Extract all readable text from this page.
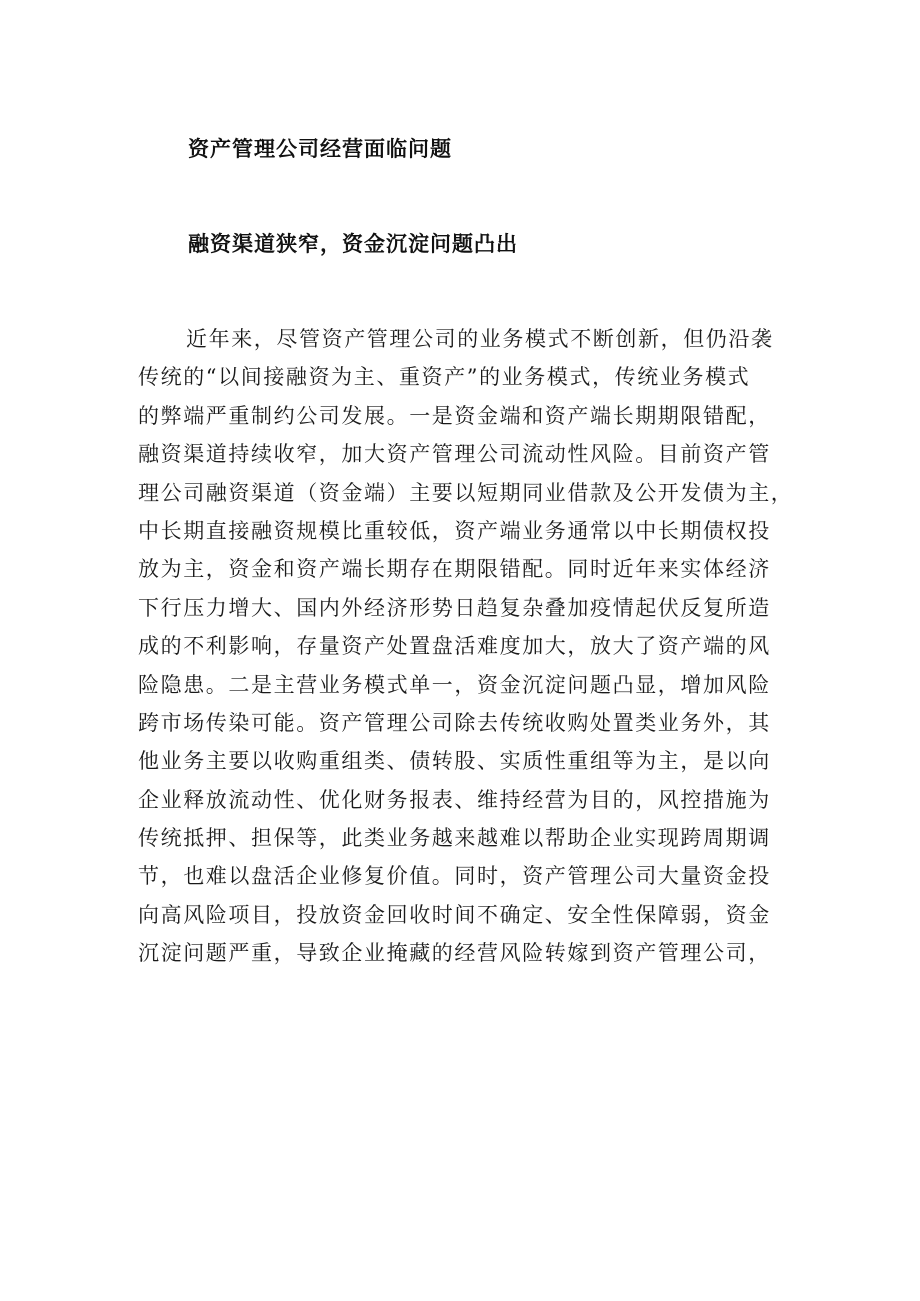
资产管理公司经营面临问题
融资渠道狭窄，资金沉淀问题凸出
近年来，尽管资产管理公司的业务模式不断创新，但仍沿袭
传统的“以间接融资为主、重资产”的业务模式，传统业务模式
的弊端严重制约公司发展。一是资金端和资产端长期期限错配，
融资渠道持续收窄，加大资产管理公司流动性风险。目前资产管
理公司融资渠道（资金端）主要以短期同业借款及公开发债为主，
中长期直接融资规模比重较低，资产端业务通常以中长期债权投
放为主，资金和资产端长期存在期限错配。同时近年来实体经济
下行压力增大、国内外经济形势日趋复杂叠加疫情起伏反复所造
成的不利影响，存量资产处置盘活难度加大，放大了资产端的风
险隐患。二是主营业务模式单一，资金沉淀问题凸显，增加风险
跨市场传染可能。资产管理公司除去传统收购处置类业务外，其
他业务主要以收购重组类、债转股、实质性重组等为主，是以向
企业释放流动性、优化财务报表、维持经营为目的，风控措施为
传统抵押、担保等，此类业务越来越难以帮助企业实现跨周期调
节，也难以盘活企业修复价值。同时，资产管理公司大量资金投
向高风险项目，投放资金回收时间不确定、安全性保障弱，资金
沉淀问题严重，导致企业掩藏的经营风险转嫁到资产管理公司，
